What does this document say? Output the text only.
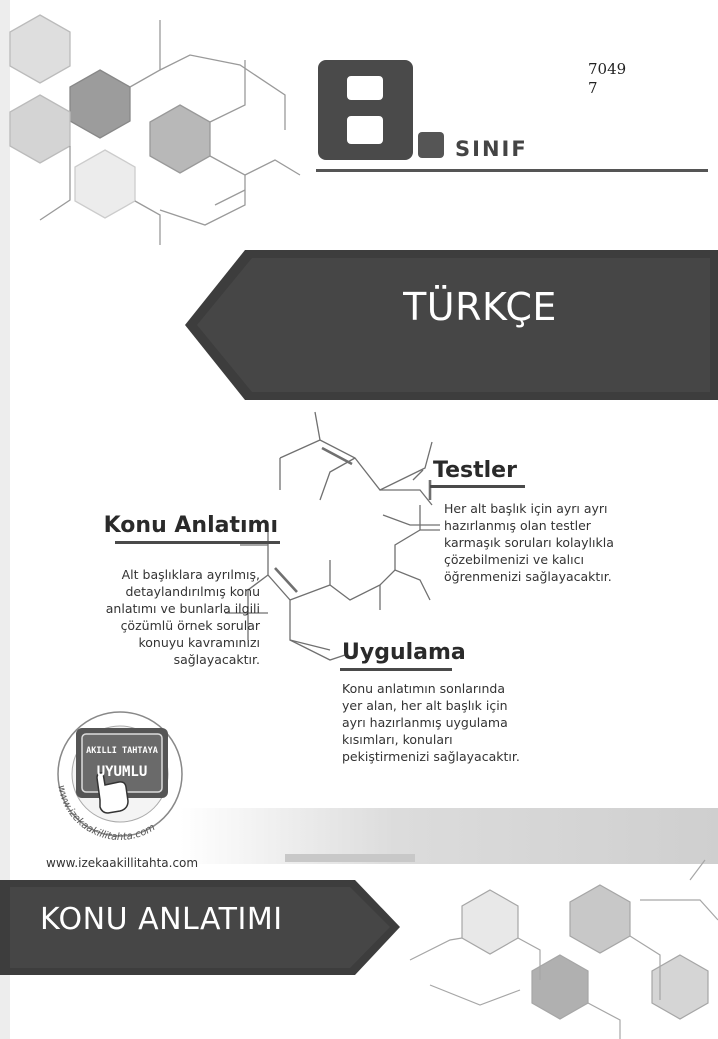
SINIF
7049
7
8
TÜRKÇE
Testler
Her alt başlık için ayrı ayrı
hazırlanmış olan testler
karmaşık soruları kolaylıkla
çözebilmenizi ve kalıcı
öğrenmenizi sağlayacaktır.
Konu Anlatımı
Alt başlıklara ayrılmış,
detaylandırılmış konu
anlatımı ve bunlarla ilgili
çözümlü örnek sorular
konuyu kavramınızı
sağlayacaktır.	Uygulama
Konu anlatımın sonlarında
yer alan, her alt başlık için
ayrı hazırlanmış uygulama
kısımları, konuları
pekiştirmenizi sağlayacaktır.
AKILLI TAHTAYA
UYUMLU
www.izekaakillitahta.com
www.izekaakillitahta.com
KONU ANLATIMI
